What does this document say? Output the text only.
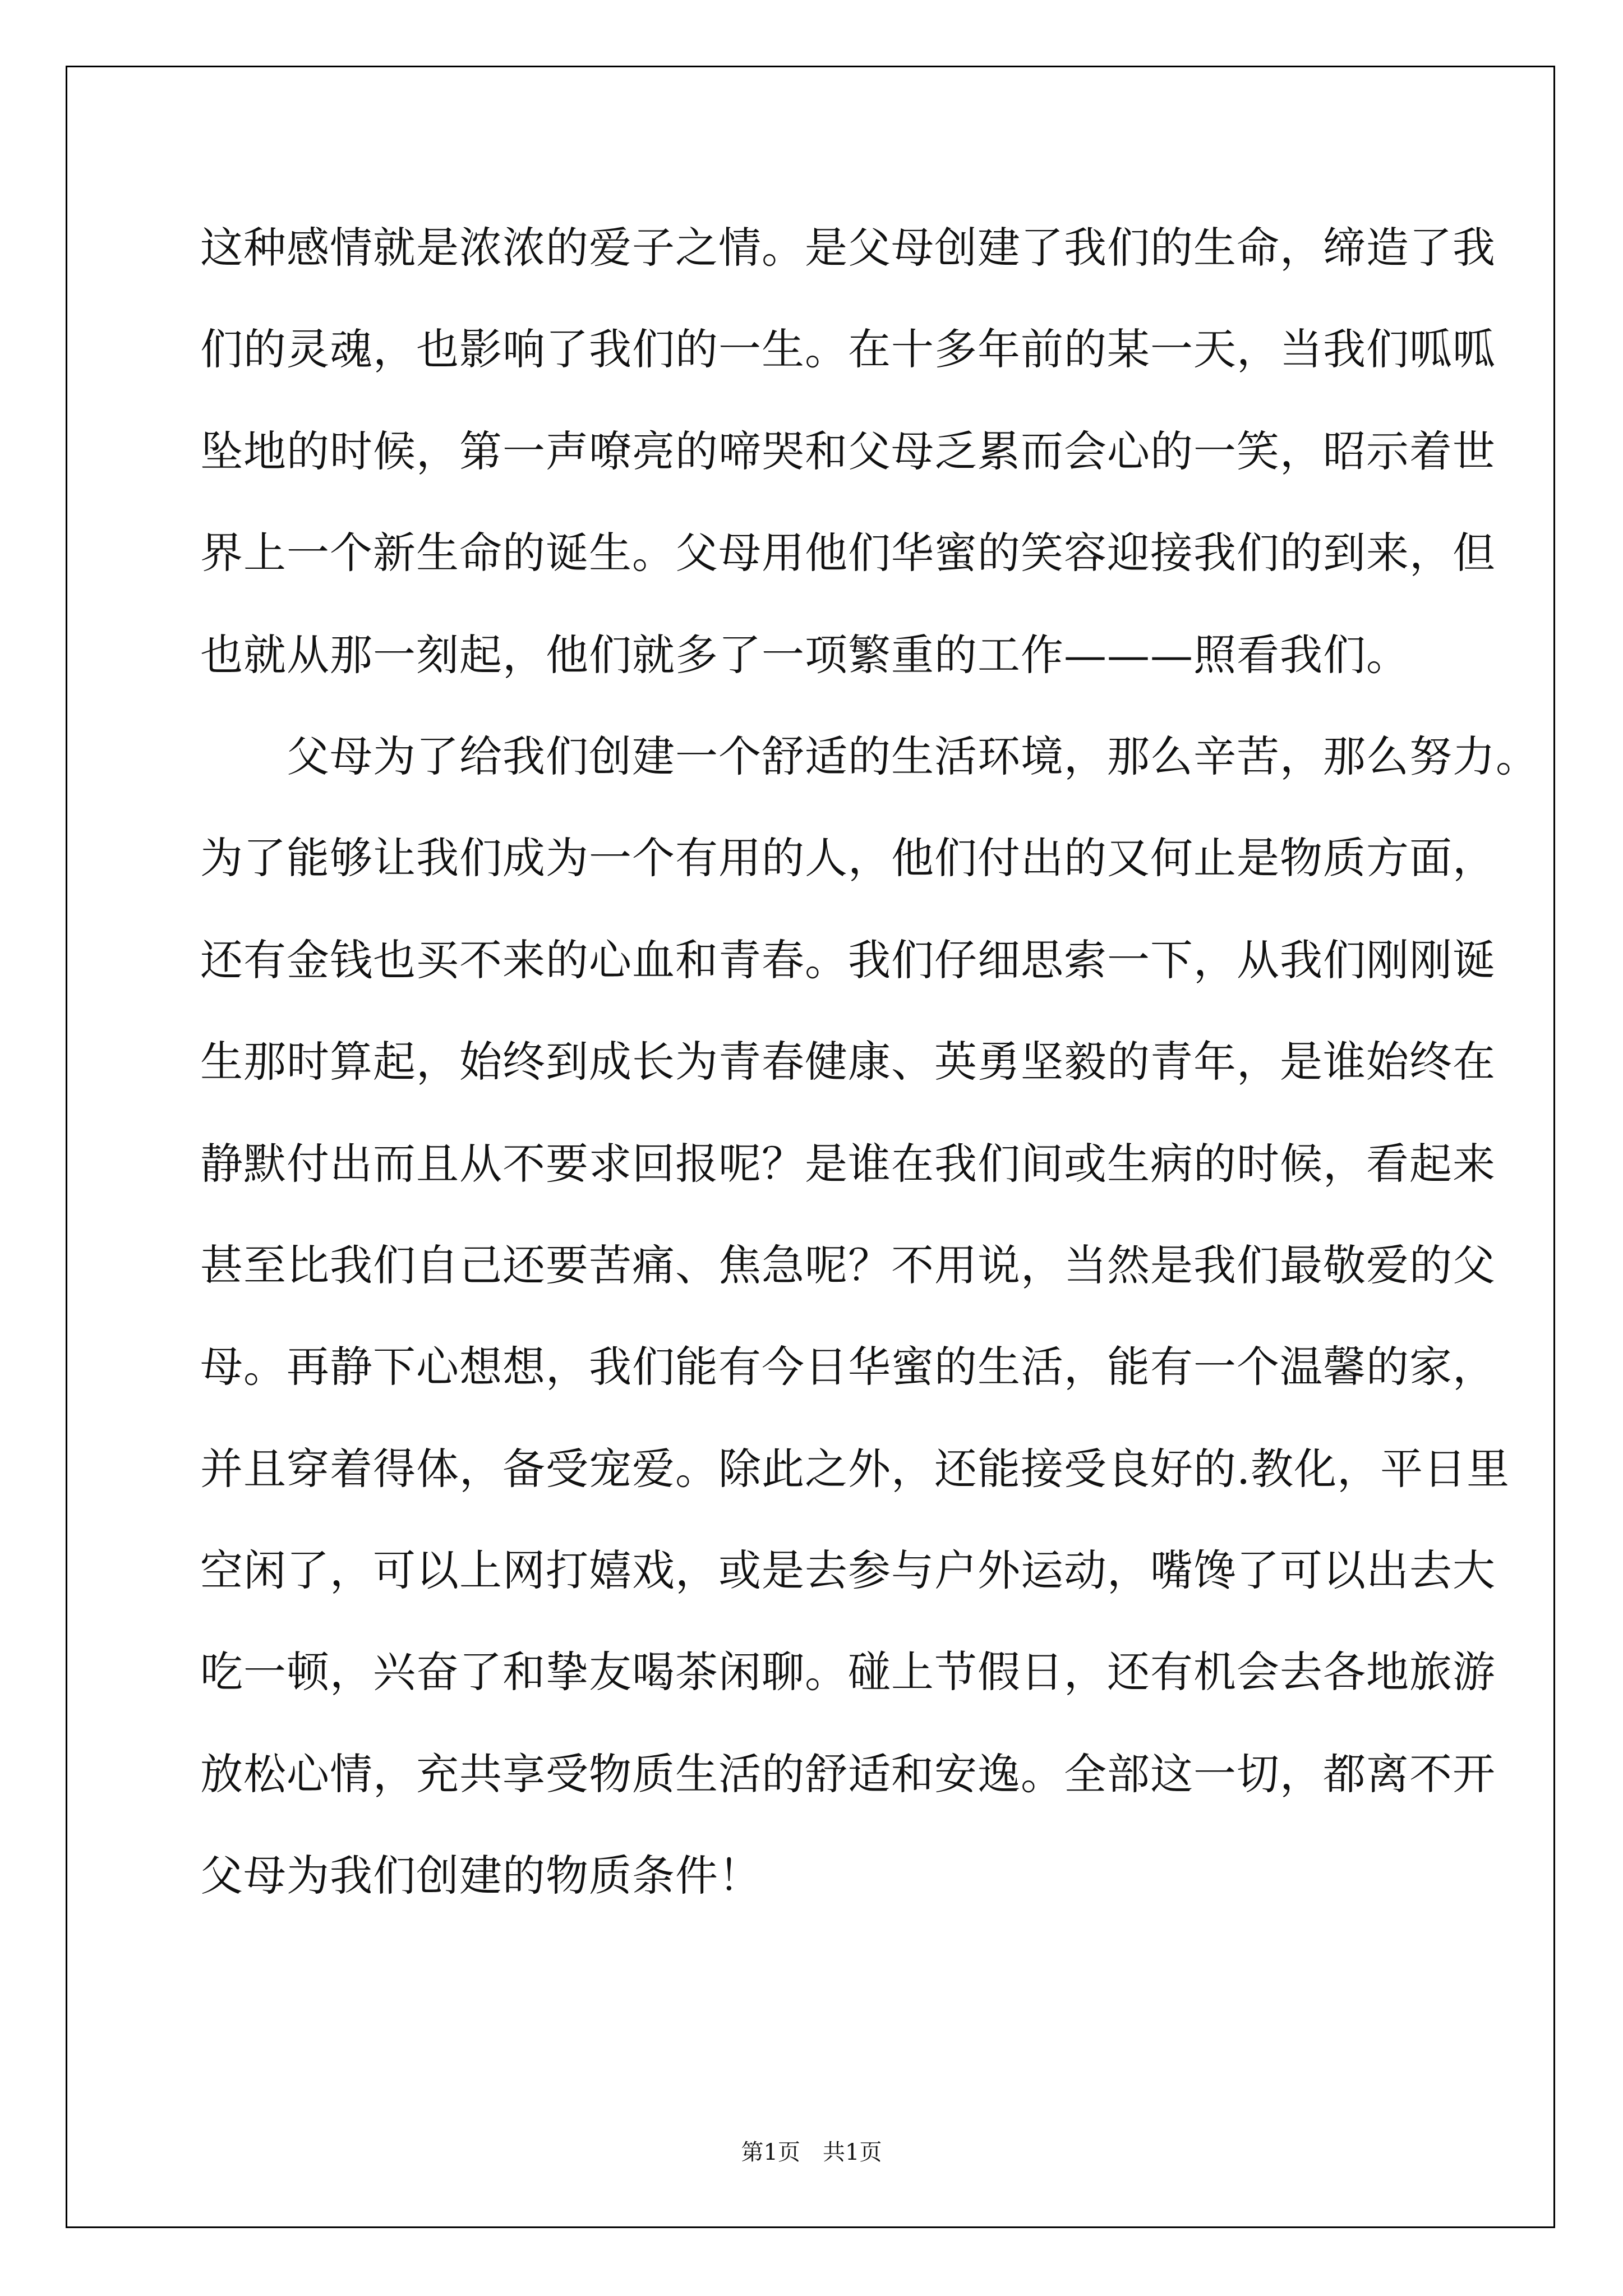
这种感情就是浓浓的爱子之情。是父母创建了我们的生命，缔造了我
们的灵魂，也影响了我们的一生。在十多年前的某一天，当我们呱呱
坠地的时候，第一声嘹亮的啼哭和父母乏累而会心的一笑，昭示着世
界上一个新生命的诞生。父母用他们华蜜的笑容迎接我们的到来，但
也就从那一刻起，他们就多了一项繁重的工作———照看我们。
　　父母为了给我们创建一个舒适的生活环境，那么辛苦，那么努力。
为了能够让我们成为一个有用的人，他们付出的又何止是物质方面，
还有金钱也买不来的心血和青春。我们仔细思索一下，从我们刚刚诞
生那时算起，始终到成长为青春健康、英勇坚毅的青年，是谁始终在
静默付出而且从不要求回报呢？是谁在我们间或生病的时候，看起来
甚至比我们自己还要苦痛、焦急呢？不用说，当然是我们最敬爱的父
母。再静下心想想，我们能有今日华蜜的生活，能有一个温馨的家，
并且穿着得体，备受宠爱。除此之外，还能接受良好的.教化，平日里
空闲了，可以上网打嬉戏，或是去参与户外运动，嘴馋了可以出去大
吃一顿，兴奋了和挚友喝茶闲聊。碰上节假日，还有机会去各地旅游
放松心情，充共享受物质生活的舒适和安逸。全部这一切，都离不开
父母为我们创建的物质条件！
第1页　共1页
